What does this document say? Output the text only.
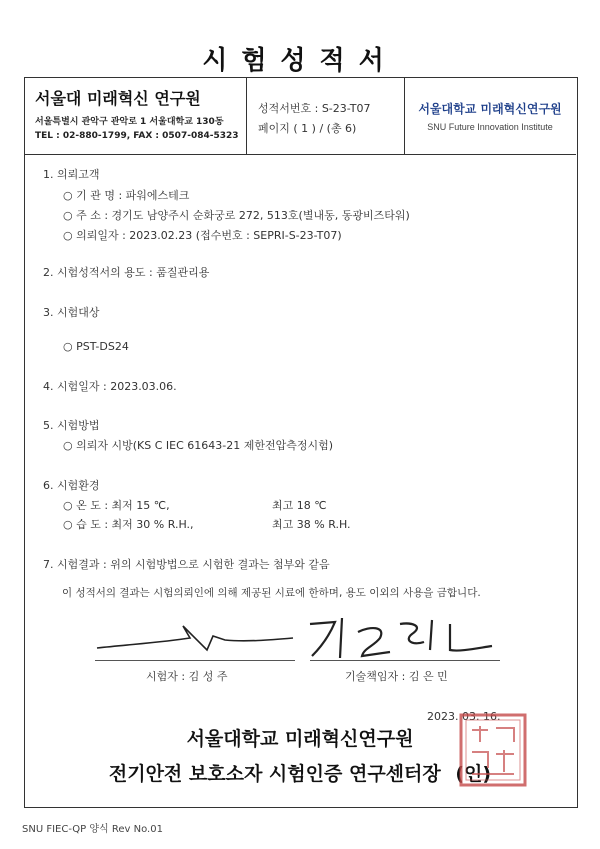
시험성적서
서울대 미래혁신 연구원
서울특별시 관악구 관악로 1 서울대학교 130동
TEL : 02-880-1799, FAX : 0507-084-5323
성적서번호 : S-23-T07
페이지 ( 1 ) / (총 6)
서울대학교 미래혁신연구원
SNU Future Innovation Institute
1. 의뢰고객
○ 기 관 명 : 파워에스테크
○ 주 소 : 경기도 남양주시 순화궁로 272, 513호(별내동, 동광비즈타워)
○ 의뢰일자 : 2023.02.23 (접수번호 : SEPRI-S-23-T07)
2. 시험성적서의 용도 : 품질관리용
3. 시험대상
○ PST-DS24
4. 시험일자 : 2023.03.06.
5. 시험방법
○ 의뢰자 시방(KS C IEC 61643-21 제한전압측정시험)
6. 시험환경
○ 온 도 : 최저 15 ℃,	최고 18 ℃
○ 습 도 : 최저 30 % R.H.,	최고 38 % R.H.
7. 시험결과 : 위의 시험방법으로 시험한 결과는 첨부와 같음
이 성적서의 결과는 시험의뢰인에 의해 제공된 시료에 한하며, 용도 이외의 사용을 금합니다.
시험자 : 김 성 주	기술책임자 : 김 은 민
2023. 03. 16.
서울대학교 미래혁신연구원
전기안전 보호소자 시험인증 연구센터장 (인)
SNU FIEC-QP 양식 Rev No.01
